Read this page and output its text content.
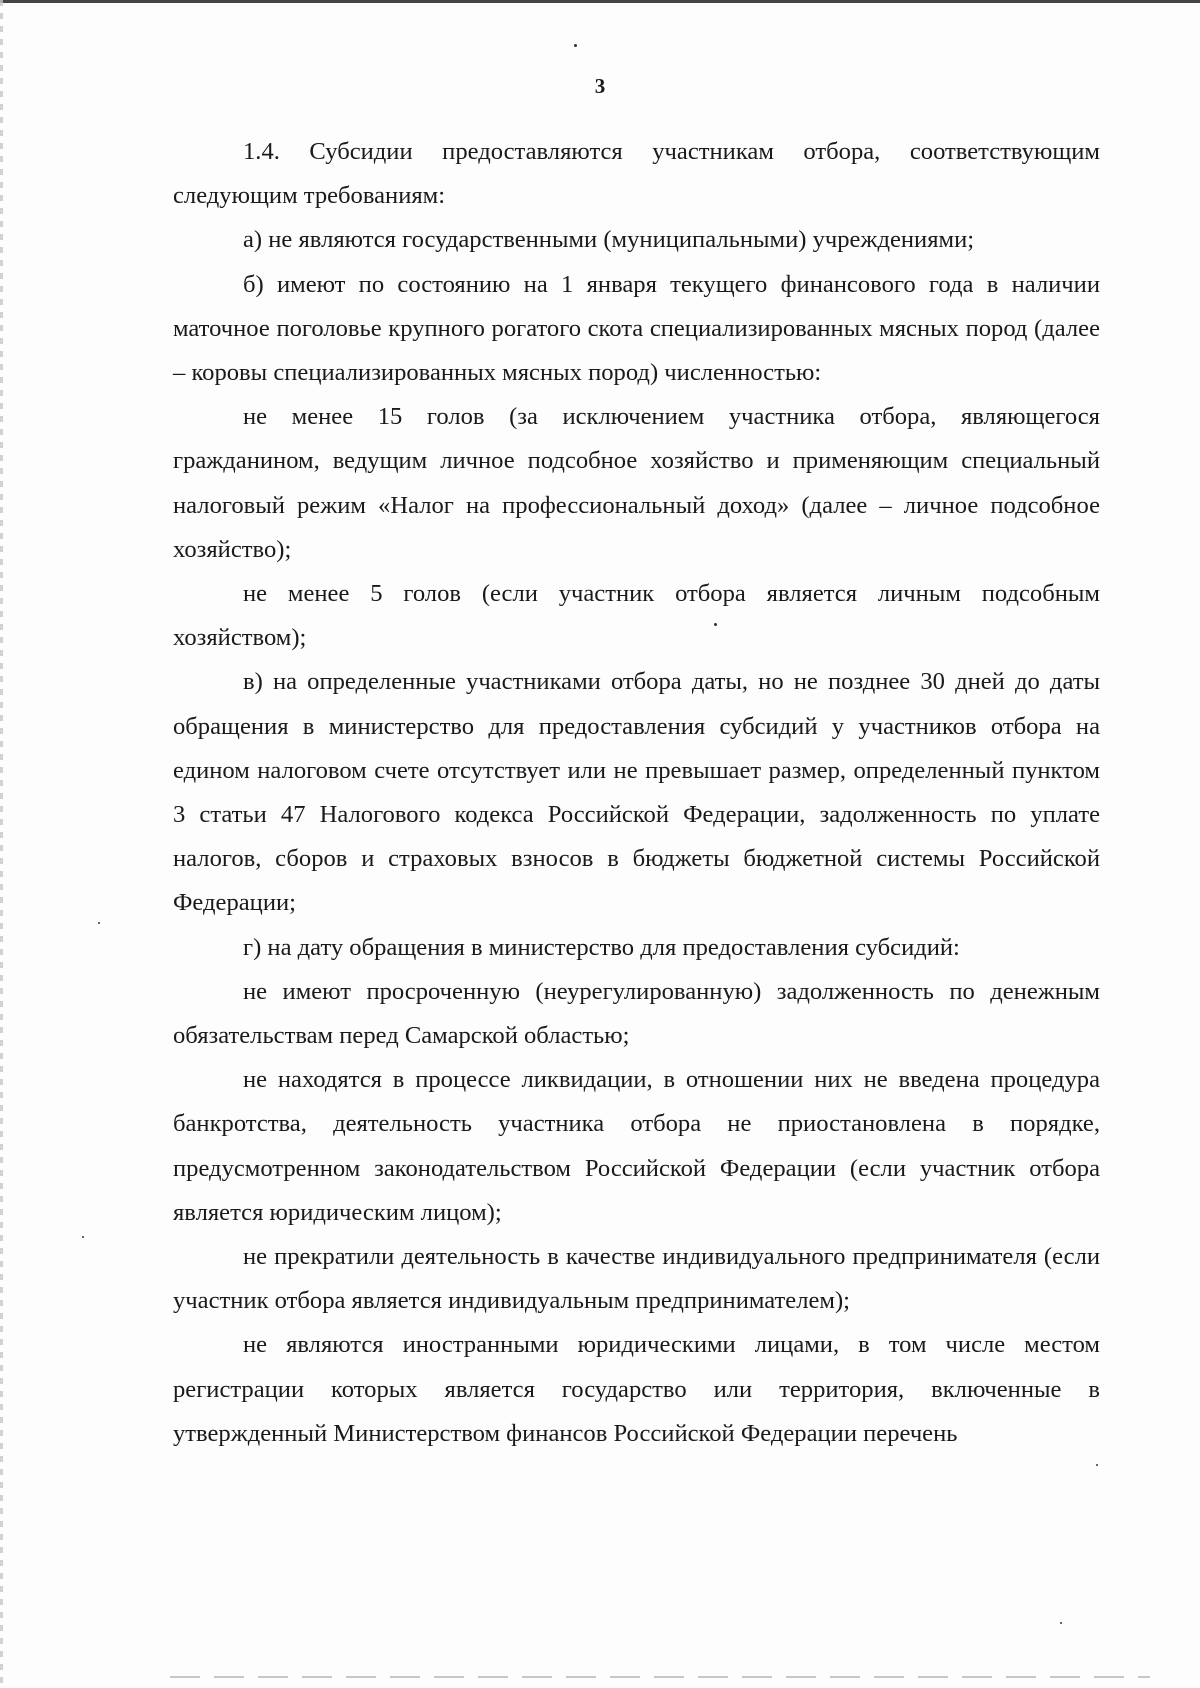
3

1.4. Субсидии предоставляются участникам отбора, соответствующим следующим требованиям:

а) не являются государственными (муниципальными) учреждениями;

б) имеют по состоянию на 1 января текущего финансового года в наличии маточное поголовье крупного рогатого скота специализированных мясных пород (далее – коровы специализированных мясных пород) численностью:

не менее 15 голов (за исключением участника отбора, являющегося гражданином, ведущим личное подсобное хозяйство и применяющим специальный налоговый режим «Налог на профессиональный доход» (далее – личное подсобное хозяйство);

не менее 5 голов (если участник отбора является личным подсобным хозяйством);

в) на определенные участниками отбора даты, но не позднее 30 дней до даты обращения в министерство для предоставления субсидий у участников отбора на едином налоговом счете отсутствует или не превышает размер, определенный пунктом 3 статьи 47 Налогового кодекса Российской Федерации, задолженность по уплате налогов, сборов и страховых взносов в бюджеты бюджетной системы Российской Федерации;

г) на дату обращения в министерство для предоставления субсидий:

не имеют просроченную (неурегулированную) задолженность по денежным обязательствам перед Самарской областью;

не находятся в процессе ликвидации, в отношении них не введена процедура банкротства, деятельность участника отбора не приостановлена в порядке, предусмотренном законодательством Российской Федерации (если участник отбора является юридическим лицом);

не прекратили деятельность в качестве индивидуального предпринимателя (если участник отбора является индивидуальным предпринимателем);

не являются иностранными юридическими лицами, в том числе местом регистрации которых является государство или территория, включенные в утвержденный Министерством финансов Российской Федерации перечень
